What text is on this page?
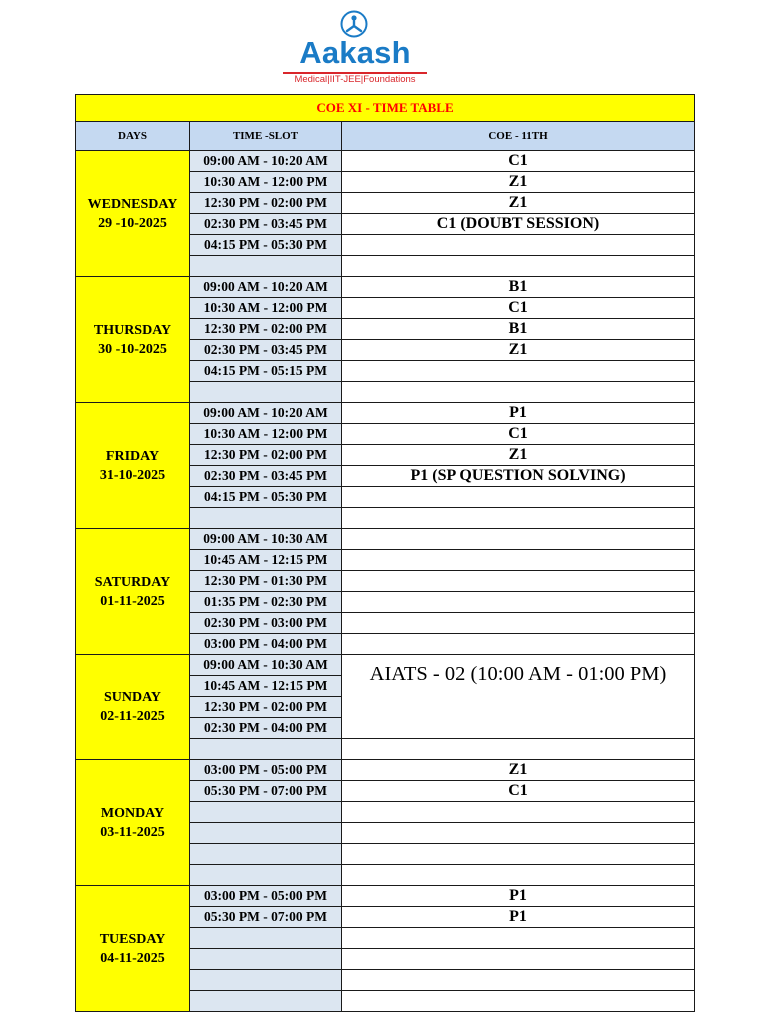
Aakash
Medical|IIT-JEE|Foundations
COE XI - TIME TABLE		
DAYS	TIME -SLOT	COE - 11TH
WEDNESDAY
29 -10-2025	09:00 AM - 10:20 AM	C1
	10:30 AM - 12:00 PM	Z1
	12:30 PM - 02:00 PM	Z1
	02:30 PM - 03:45 PM	C1 (DOUBT SESSION)
	04:15 PM - 05:30 PM	

THURSDAY
30 -10-2025	09:00 AM - 10:20 AM	B1
	10:30 AM - 12:00 PM	C1
	12:30 PM - 02:00 PM	B1
	02:30 PM - 03:45 PM	Z1
	04:15 PM - 05:15 PM	

FRIDAY
31-10-2025	09:00 AM - 10:20 AM	P1
	10:30 AM - 12:00 PM	C1
	12:30 PM - 02:00 PM	Z1
	02:30 PM - 03:45 PM	P1 (SP QUESTION SOLVING)
	04:15 PM - 05:30 PM	

SATURDAY
01-11-2025	09:00 AM - 10:30 AM	
	10:45 AM - 12:15 PM	
	12:30 PM - 01:30 PM	
	01:35 PM - 02:30 PM	
	02:30 PM - 03:00 PM	
	03:00 PM - 04:00 PM	
SUNDAY
02-11-2025	09:00 AM - 10:30 AM	AIATS - 02 (10:00 AM - 01:00 PM)
	10:45 AM - 12:15 PM	
	12:30 PM - 02:00 PM	
	02:30 PM - 04:00 PM	

MONDAY
03-11-2025	03:00 PM - 05:00 PM	Z1
	05:30 PM - 07:00 PM	C1

TUESDAY
04-11-2025	03:00 PM - 05:00 PM	P1
	05:30 PM - 07:00 PM	P1
